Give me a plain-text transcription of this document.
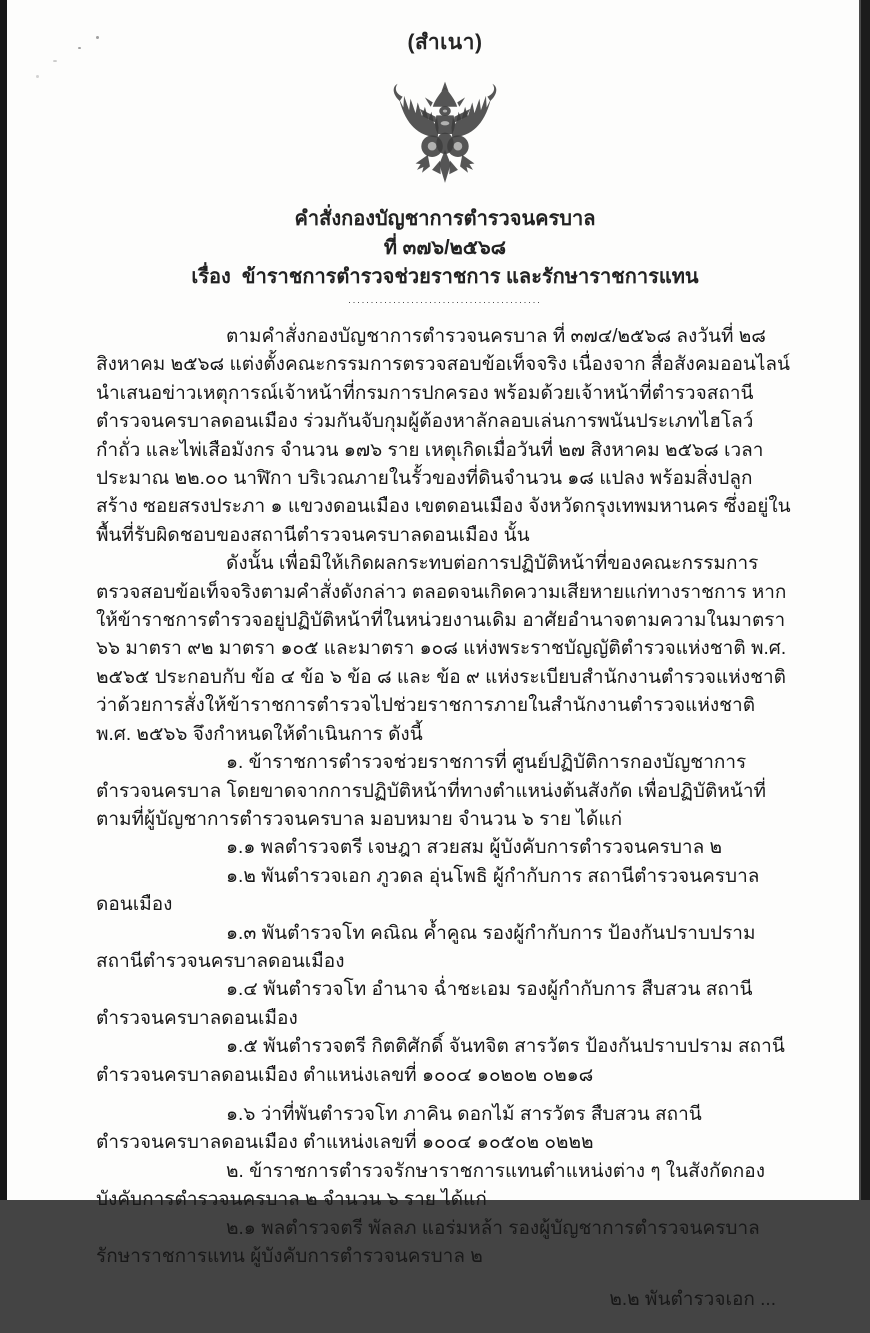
(สำเนา)

คำสั่งกองบัญชาการตำรวจนครบาล

ที่ ๓๗๖/๒๕๖๘

เรื่อง  ข้าราชการตำรวจช่วยราชการ และรักษาราชการแทน

...........................................

ตามคำสั่งกองบัญชาการตำรวจนครบาล ที่ ๓๗๔/๒๕๖๘ ลงวันที่ ๒๘ สิงหาคม ๒๕๖๘ แต่งตั้งคณะกรรมการตรวจสอบข้อเท็จจริง เนื่องจาก สื่อสังคมออนไลน์ นำเสนอข่าวเหตุการณ์เจ้าหน้าที่กรมการปกครอง พร้อมด้วยเจ้าหน้าที่ตำรวจสถานีตำรวจนครบาลดอนเมือง ร่วมกันจับกุมผู้ต้องหาลักลอบเล่นการพนันประเภทไฮโลว์ กำถั่ว และไพ่เสือมังกร จำนวน ๑๗๖ ราย เหตุเกิดเมื่อวันที่ ๒๗ สิงหาคม ๒๕๖๘ เวลาประมาณ ๒๒.๐๐ นาฬิกา บริเวณภายในรั้วของที่ดินจำนวน ๑๘ แปลง พร้อมสิ่งปลูกสร้าง ซอยสรงประภา ๑ แขวงดอนเมือง เขตดอนเมือง จังหวัดกรุงเทพมหานคร ซึ่งอยู่ในพื้นที่รับผิดชอบของสถานีตำรวจนครบาลดอนเมือง นั้น

ดังนั้น เพื่อมิให้เกิดผลกระทบต่อการปฏิบัติหน้าที่ของคณะกรรมการตรวจสอบข้อเท็จจริงตามคำสั่งดังกล่าว ตลอดจนเกิดความเสียหายแก่ทางราชการ หากให้ข้าราชการตำรวจอยู่ปฏิบัติหน้าที่ในหน่วยงานเดิม อาศัยอำนาจตามความในมาตรา ๖๖ มาตรา ๙๒ มาตรา ๑๐๕ และมาตรา ๑๐๘ แห่งพระราชบัญญัติตำรวจแห่งชาติ พ.ศ. ๒๕๖๕ ประกอบกับ ข้อ ๔ ข้อ ๖ ข้อ ๘ และ ข้อ ๙ แห่งระเบียบสำนักงานตำรวจแห่งชาติว่าด้วยการสั่งให้ข้าราชการตำรวจไปช่วยราชการภายในสำนักงานตำรวจแห่งชาติ พ.ศ. ๒๕๖๖ จึงกำหนดให้ดำเนินการ ดังนี้

๑. ข้าราชการตำรวจช่วยราชการที่ ศูนย์ปฏิบัติการกองบัญชาการตำรวจนครบาล โดยขาดจากการปฏิบัติหน้าที่ทางตำแหน่งต้นสังกัด เพื่อปฏิบัติหน้าที่ตามที่ผู้บัญชาการตำรวจนครบาล มอบหมาย จำนวน ๖ ราย ได้แก่

๑.๑ พลตำรวจตรี เจษฎา สวยสม ผู้บังคับการตำรวจนครบาล ๒

๑.๒ พันตำรวจเอก ภูวดล อุ่นโพธิ ผู้กำกับการ สถานีตำรวจนครบาลดอนเมือง

๑.๓ พันตำรวจโท คณิณ ค้ำคูณ รองผู้กำกับการ ป้องกันปราบปราม สถานีตำรวจนครบาลดอนเมือง

๑.๔ พันตำรวจโท อำนาจ ฉ่ำชะเอม รองผู้กำกับการ สืบสวน สถานีตำรวจนครบาลดอนเมือง

๑.๕ พันตำรวจตรี กิตติศักดิ์ จันทจิต สารวัตร ป้องกันปราบปราม สถานีตำรวจนครบาลดอนเมือง ตำแหน่งเลขที่ ๑๐๐๔ ๑๐๒๐๒ ๐๒๑๘

๑.๖ ว่าที่พันตำรวจโท ภาคิน ดอกไม้ สารวัตร สืบสวน สถานีตำรวจนครบาลดอนเมือง ตำแหน่งเลขที่ ๑๐๐๔ ๑๐๕๐๒ ๐๒๒๒

๒. ข้าราชการตำรวจรักษาราชการแทนตำแหน่งต่าง ๆ ในสังกัดกองบังคับการตำรวจนครบาล ๒ จำนวน ๖ ราย ได้แก่

๒.๑ พลตำรวจตรี พัลลภ แอร่มหล้า รองผู้บัญชาการตำรวจนครบาล รักษาราชการแทน ผู้บังคับการตำรวจนครบาล ๒

๒.๒ พันตำรวจเอก ...
